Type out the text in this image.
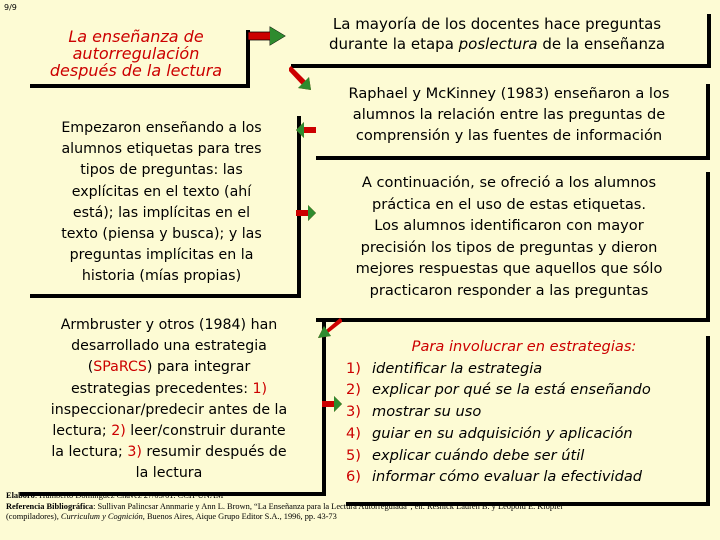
9/9
La enseñanza de
autorregulación
después de la lectura
La mayoría de los docentes hace preguntas
durante la etapa poslectura de la enseñanza
Empezaron enseñando a los
alumnos etiquetas para tres
tipos de preguntas: las
explícitas en el texto (ahí
está); las implícitas en el
texto (piensa y busca); y las
preguntas implícitas en la
historia (mías propias)
Armbruster y otros (1984) han
desarrollado una estrategia
(SPaRCS) para integrar
estrategias precedentes: 1)
inspeccionar/predecir antes de la
lectura; 2) leer/construir durante
la lectura; 3) resumir después de
la lectura
Raphael y McKinney (1983) enseñaron a los
alumnos la relación entre las preguntas de
comprensión y las fuentes de información
A continuación, se ofreció a los alumnos
práctica en el uso de estas etiquetas.
Los alumnos identificaron con mayor
precisión los tipos de preguntas y dieron
mejores respuestas que aquellos que sólo
practicaron responder a las preguntas
Para involucrar en estrategias:
1) identificar la estrategia
2) explicar por qué se la está enseñando
3) mostrar su uso
4) guiar en su adquisición y aplicación
5) explicar cuándo debe ser útil
6) informar cómo evaluar la efectividad
Elaboró: Humberto Domínguez Chávez 27/03/01. CCH-UNAM
Referencia Bibliográfica: Sullivan Palincsar Annmarie y Ann L. Brown, “La Enseñanza para la Lectura Autorregulada”, en: Resnick Lauren B. y Leopold E. Klopfer
(compiladores), Curriculum y Cognición, Buenos Aires, Aique Grupo Editor S.A., 1996, pp. 43-73
